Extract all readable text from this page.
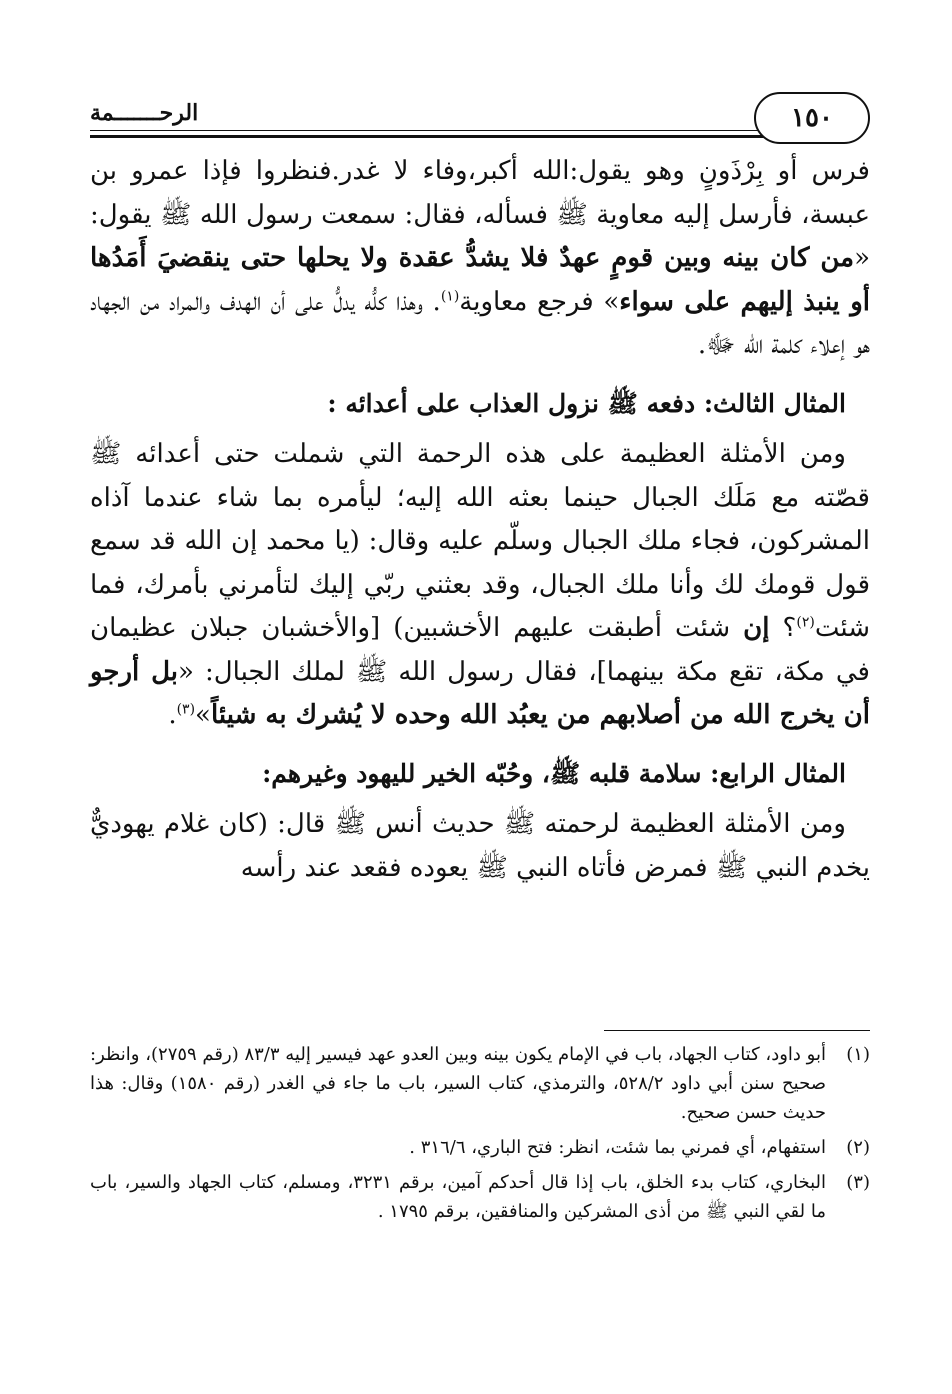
الرحـــــــمة	١٥٠

فرس أو بِرْذَونٍ وهو يقول:الله أكبر،وفاء لا غدر.فنظروا فإذا عمرو بن عبسة، فأرسل إليه معاوية ﷺ فسأله، فقال: سمعت رسول الله ﷺ يقول: «من كان بينه وبين قومٍ عهدٌ فلا يشدُّ عقدة ولا يحلها حتى ينقضيَ أَمَدُها أو ينبذ إليهم على سواء» فرجع معاوية$^{(١)}$. وهذا كلُّه يدلُّ على أن الهدف والمراد من الجهاد هو إعلاء كلمة الله ﷻ.

المثال الثالث: دفعه ﷺ نزول العذاب على أعدائه :

ومن الأمثلة العظيمة على هذه الرحمة التي شملت حتى أعدائه ﷺ قصّته مع مَلَك الجبال حينما بعثه الله إليه؛ ليأمره بما شاء عندما آذاه المشركون، فجاء ملك الجبال وسلّم عليه وقال: (يا محمد إن الله قد سمع قول قومك لك وأنا ملك الجبال، وقد بعثني ربّي إليك لتأمرني بأمرك، فما شئت$^{(٢)}$؟ إن شئت أطبقت عليهم الأخشبين) [والأخشبان جبلان عظيمان في مكة، تقع مكة بينهما]، فقال رسول الله ﷺ لملك الجبال: «بل أرجو أن يخرج الله من أصلابهم من يعبُد الله وحده لا يُشرك به شيئاً»$^{(٣)}$.

المثال الرابع: سلامة قلبه ﷺ، وحُبّه الخير لليهود وغيرهم:

ومن الأمثلة العظيمة لرحمته ﷺ حديث أنس ﷺ قال: (كان غلام يهوديٌّ يخدم النبي ﷺ فمرض فأتاه النبي ﷺ يعوده فقعد عند رأسه

(١)
أبو داود، كتاب الجهاد، باب في الإمام يكون بينه وبين العدو عهد فيسير إليه ٨٣/٣ (رقم ٢٧٥٩)، وانظر: صحيح سنن أبي داود ٥٢٨/٢، والترمذي، كتاب السير، باب ما جاء في الغدر (رقم ١٥٨٠) وقال: هذا حديث حسن صحيح.
(٢)
استفهام، أي فمرني بما شئت، انظر: فتح الباري، ٣١٦/٦ .
(٣)
البخاري، كتاب بدء الخلق، باب إذا قال أحدكم آمين، برقم ٣٢٣١، ومسلم، كتاب الجهاد والسير، باب ما لقي النبي ﷺ من أذى المشركين والمنافقين، برقم ١٧٩٥ .
